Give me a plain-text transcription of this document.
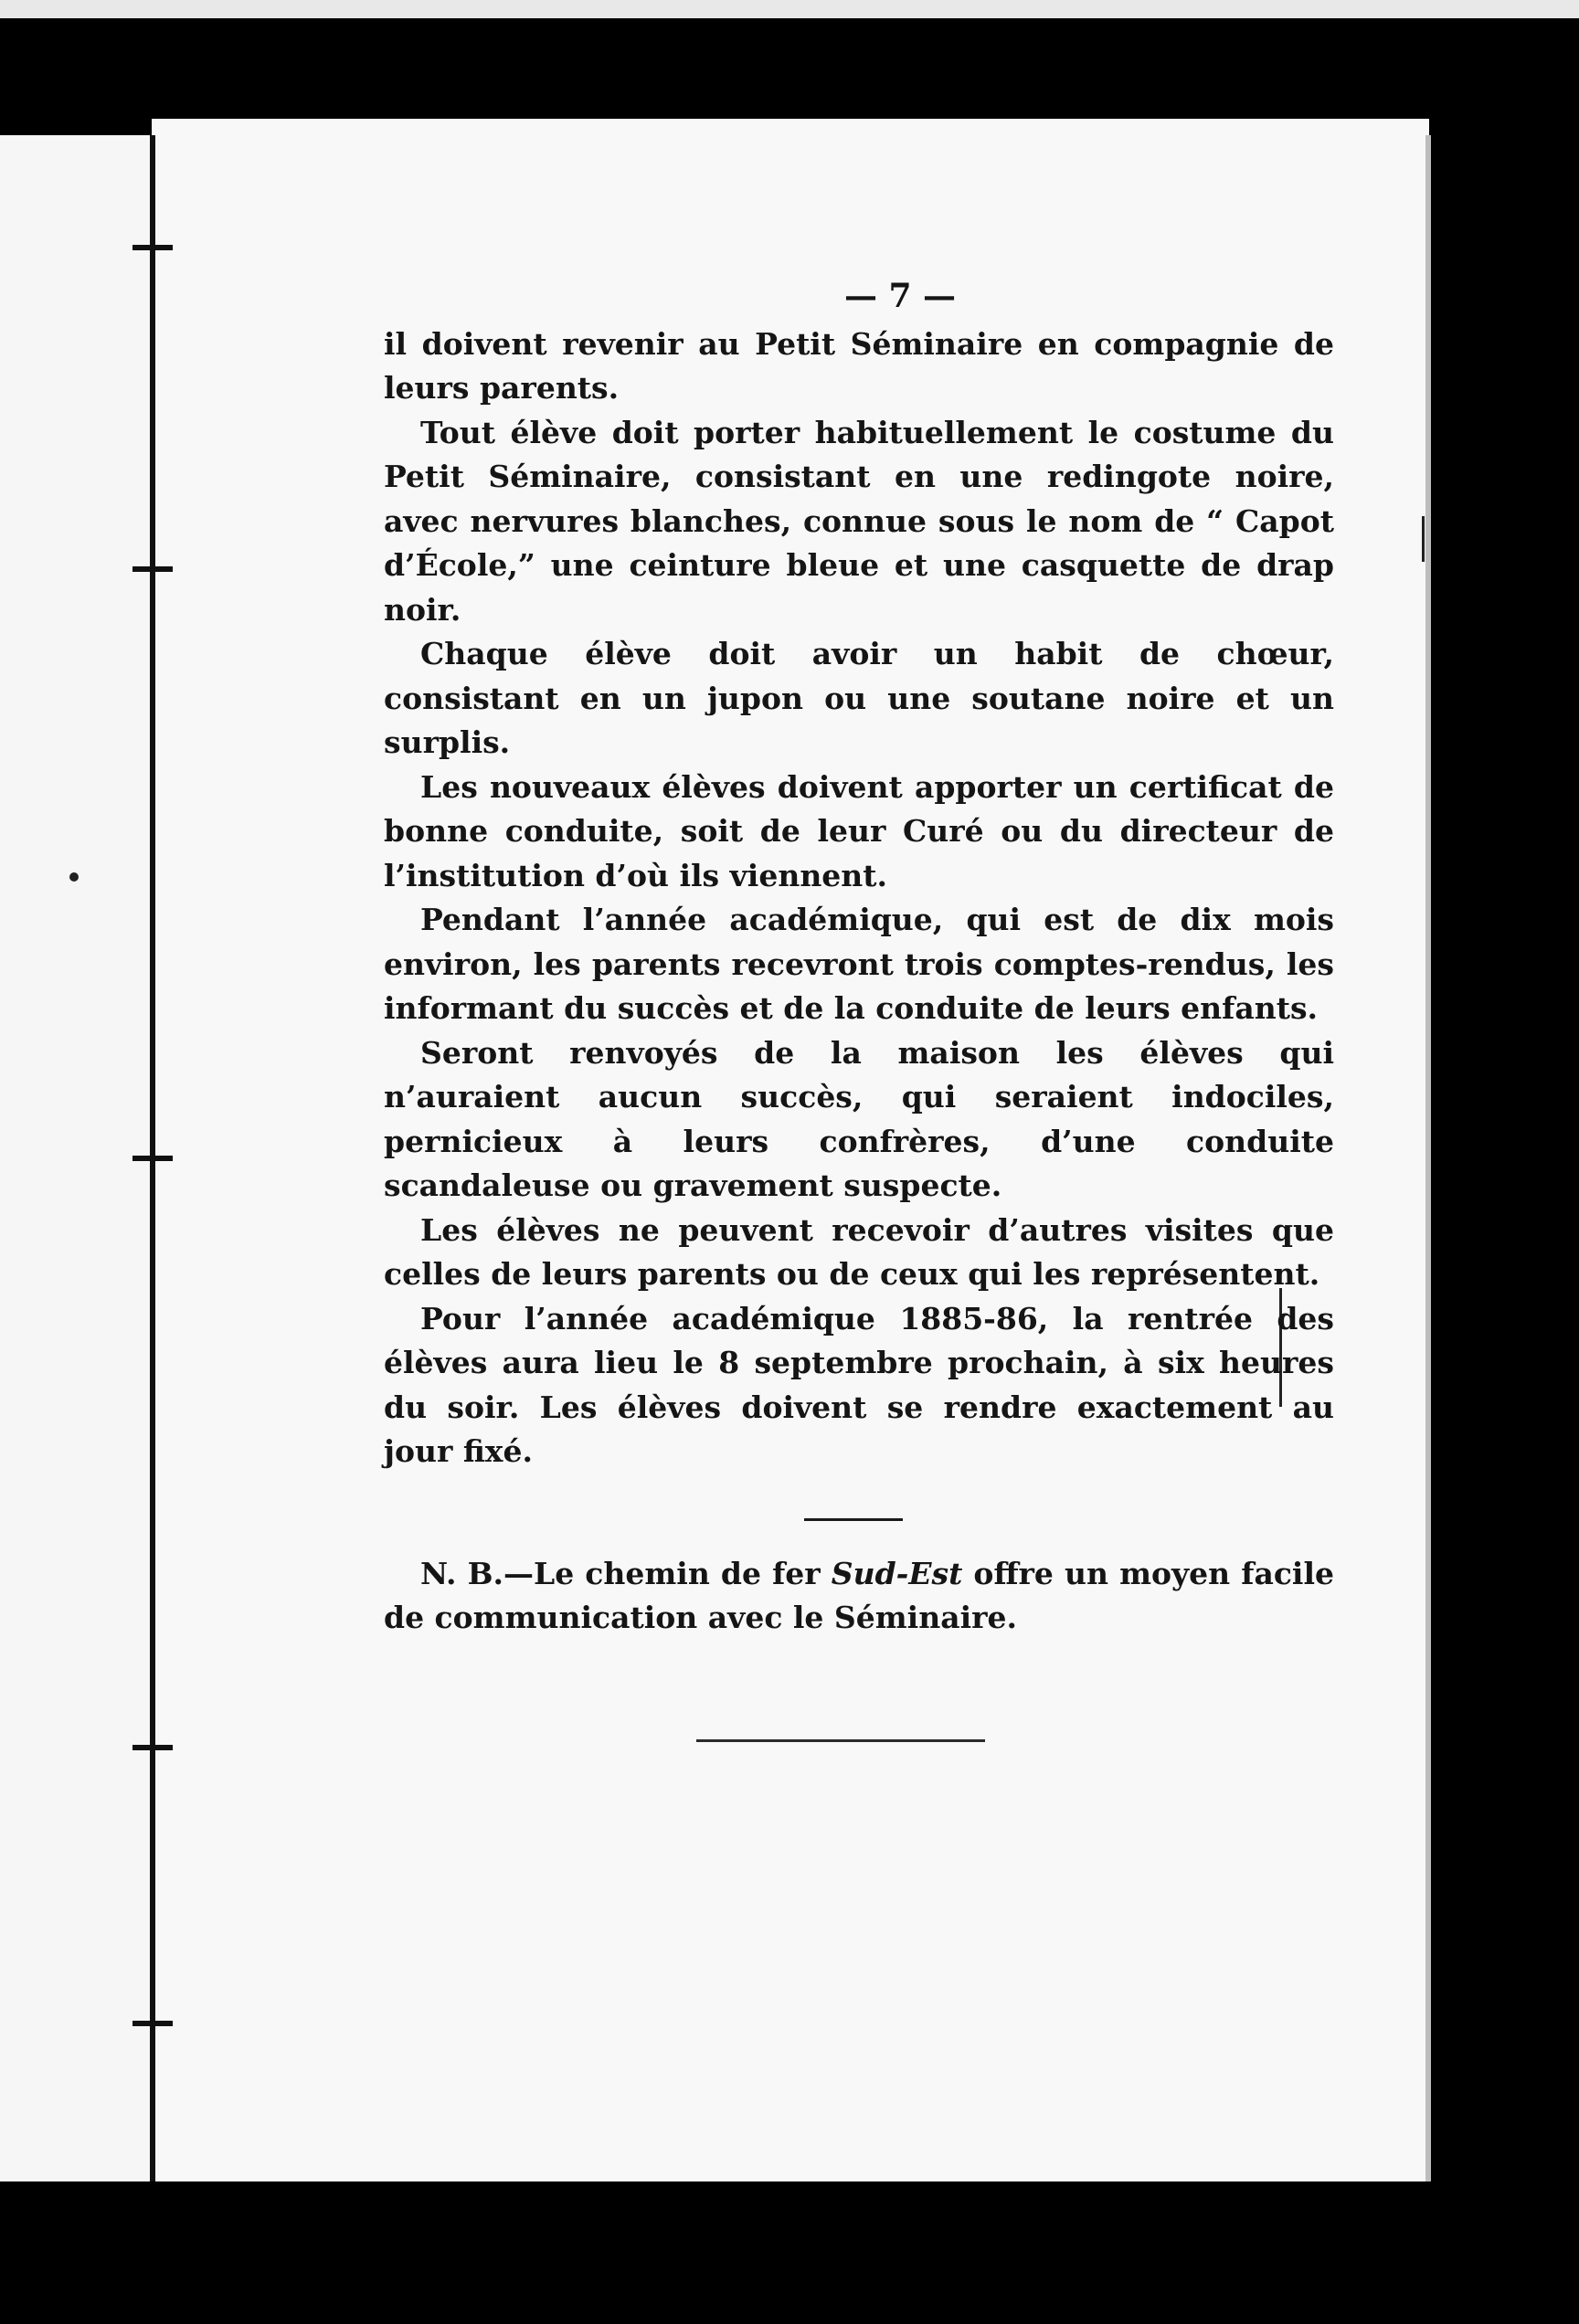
— 7 —

il doivent revenir au Petit Séminaire en compagnie de leurs parents.

Tout élève doit porter habituellement le costume du Petit Séminaire, consistant en une redingote noire, avec nervures blanches, connue sous le nom de “ Capot d’École,” une ceinture bleue et une casquette de drap noir.

Chaque élève doit avoir un habit de chœur, consistant en un jupon ou une soutane noire et un surplis.

Les nouveaux élèves doivent apporter un certificat de bonne conduite, soit de leur Curé ou du directeur de l’institution d’où ils viennent.

Pendant l’année académique, qui est de dix mois environ, les parents recevront trois comptes-rendus, les informant du succès et de la conduite de leurs enfants.

Seront renvoyés de la maison les élèves qui n’auraient aucun succès, qui seraient indociles, pernicieux à leurs confrères, d’une conduite scandaleuse ou gravement suspecte.

Les élèves ne peuvent recevoir d’autres visites que celles de leurs parents ou de ceux qui les représentent.

Pour l’année académique 1885-86, la rentrée des élèves aura lieu le 8 septembre prochain, à six heures du soir. Les élèves doivent se rendre exactement au jour fixé.

N. B.—Le chemin de fer Sud-Est offre un moyen facile de communication avec le Séminaire.
